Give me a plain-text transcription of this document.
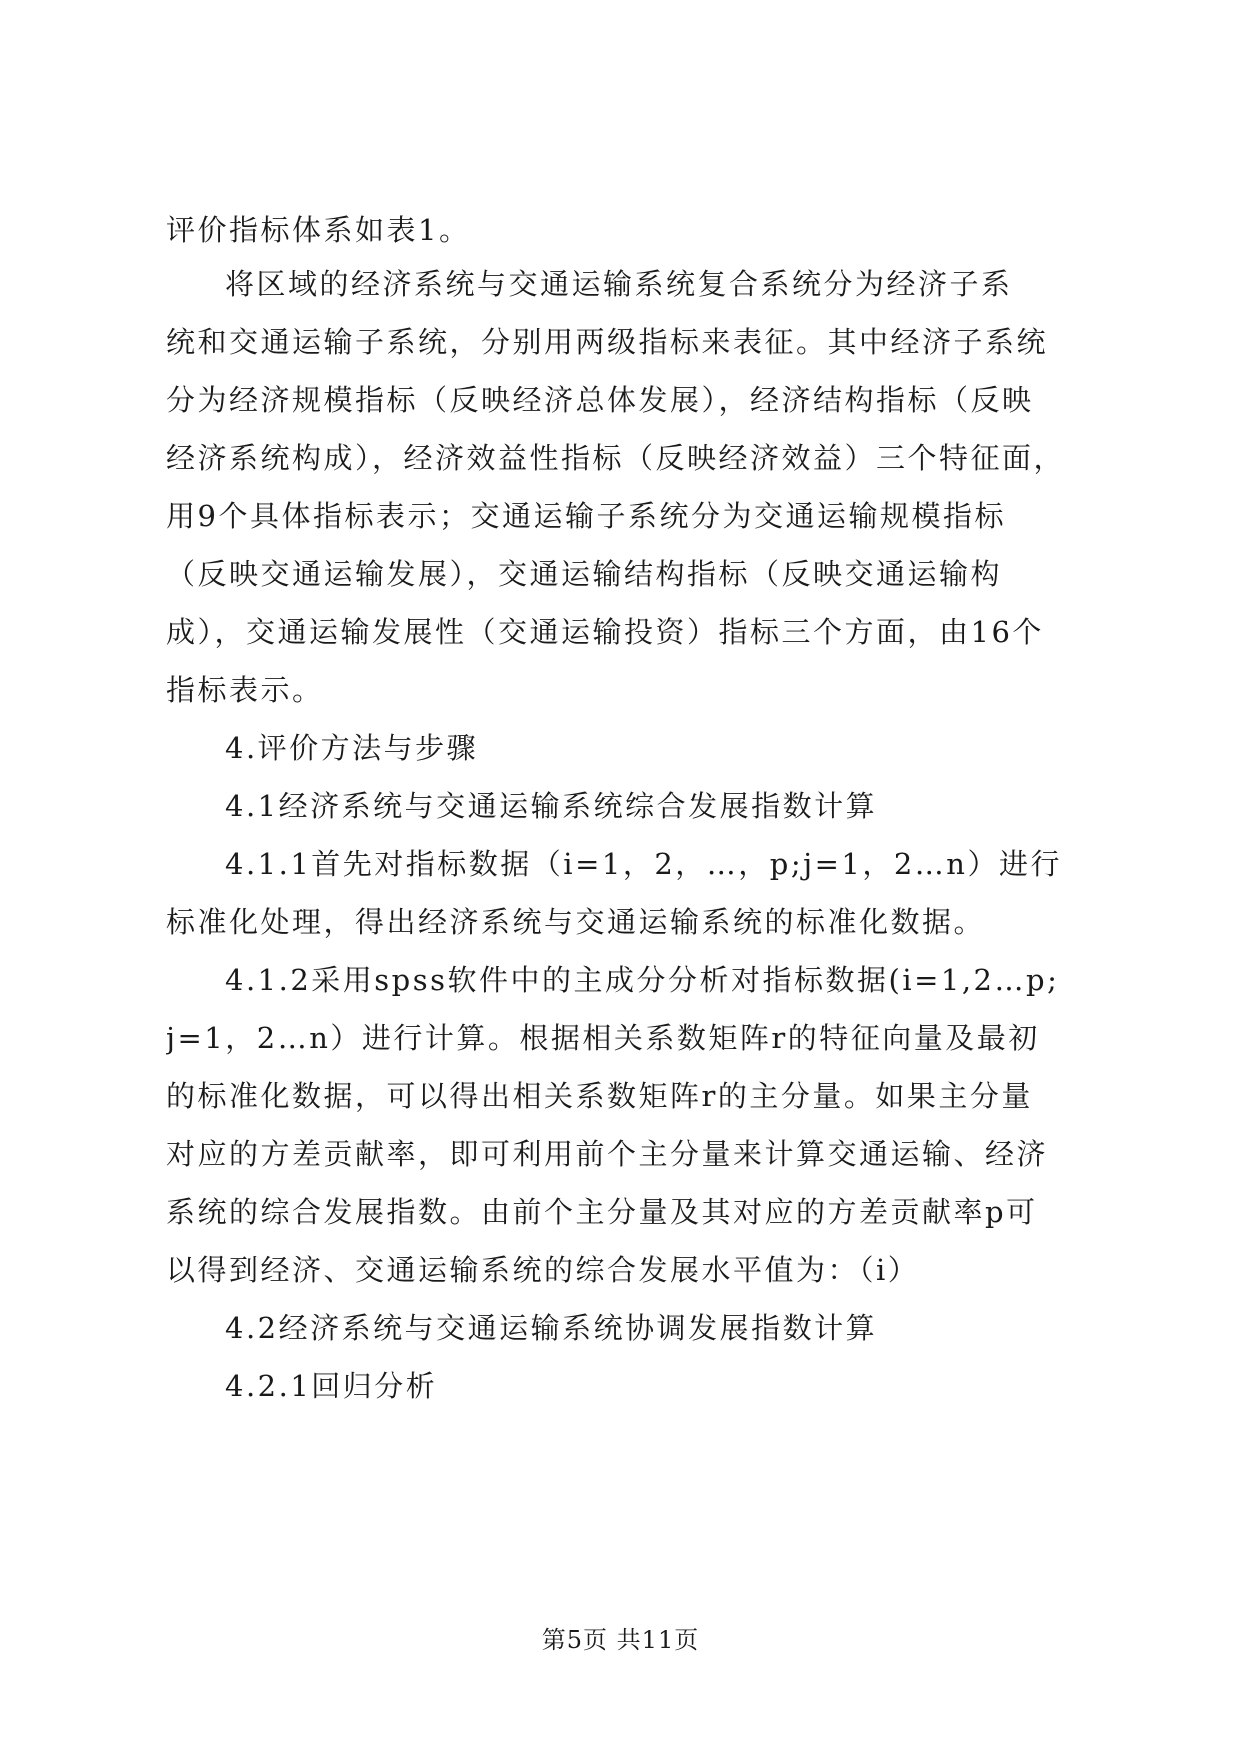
评价指标体系如表1。
将区域的经济系统与交通运输系统复合系统分为经济子系
统和交通运输子系统，分别用两级指标来表征。其中经济子系统
分为经济规模指标（反映经济总体发展），经济结构指标（反映
经济系统构成），经济效益性指标（反映经济效益）三个特征面，
用9个具体指标表示；交通运输子系统分为交通运输规模指标
（反映交通运输发展），交通运输结构指标（反映交通运输构
成），交通运输发展性（交通运输投资）指标三个方面，由16个
指标表示。
4.评价方法与步骤
4.1经济系统与交通运输系统综合发展指数计算
4.1.1首先对指标数据（i=1，2，…，p;j=1，2…n）进行
标准化处理，得出经济系统与交通运输系统的标准化数据。
4.1.2采用spss软件中的主成分分析对指标数据(i=1,2…p;
j=1，2…n）进行计算。根据相关系数矩阵r的特征向量及最初
的标准化数据，可以得出相关系数矩阵r的主分量。如果主分量
对应的方差贡献率，即可利用前个主分量来计算交通运输、经济
系统的综合发展指数。由前个主分量及其对应的方差贡献率p可
以得到经济、交通运输系统的综合发展水平值为：（i）
4.2经济系统与交通运输系统协调发展指数计算
4.2.1回归分析
第5页 共11页
